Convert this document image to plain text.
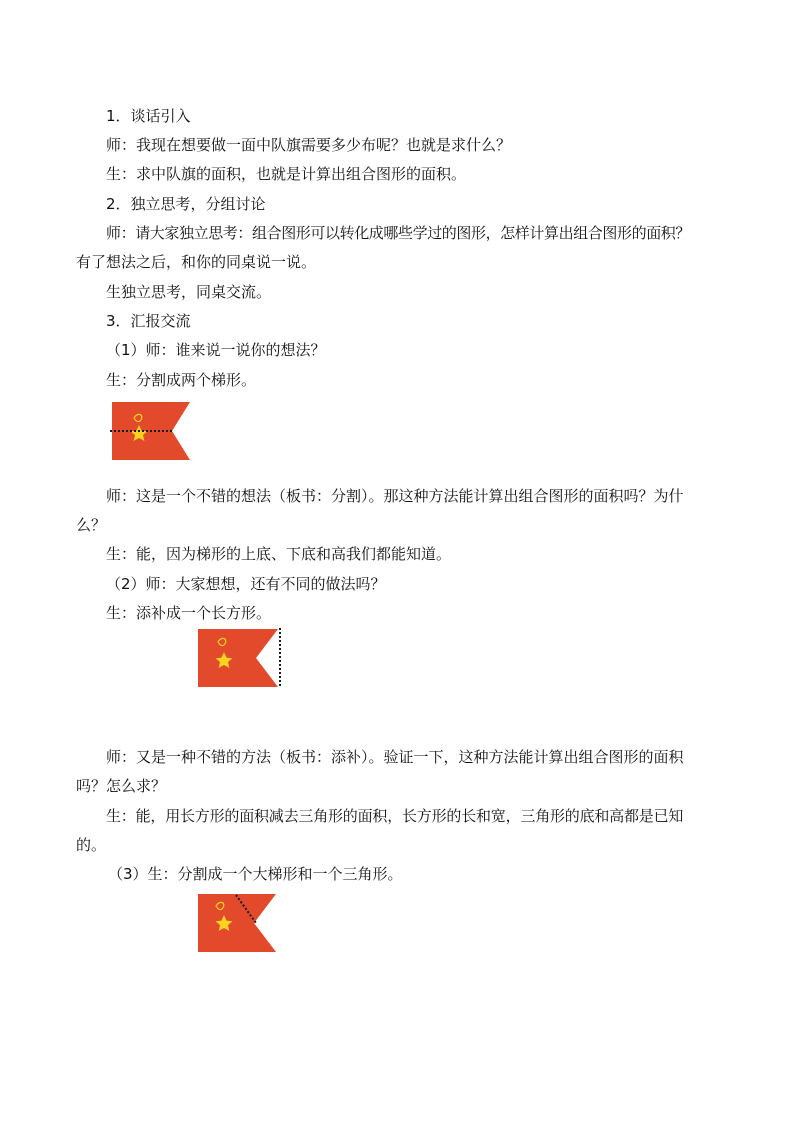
1．谈话引入
师：我现在想要做一面中队旗需要多少布呢？也就是求什么？
生：求中队旗的面积，也就是计算出组合图形的面积。
2．独立思考，分组讨论
师：请大家独立思考：组合图形可以转化成哪些学过的图形，怎样计算出组合图形的面积？
有了想法之后，和你的同桌说一说。
生独立思考，同桌交流。
3．汇报交流
（1）师：谁来说一说你的想法？
生：分割成两个梯形。
师：这是一个不错的想法（板书：分割）。那这种方法能计算出组合图形的面积吗？为什
么？
生：能，因为梯形的上底、下底和高我们都能知道。
（2）师：大家想想，还有不同的做法吗？
生：添补成一个长方形。
师：又是一种不错的方法（板书：添补）。验证一下，这种方法能计算出组合图形的面积
吗？怎么求？
生：能，用长方形的面积减去三角形的面积，长方形的长和宽，三角形的底和高都是已知
的。
（3）生：分割成一个大梯形和一个三角形。
